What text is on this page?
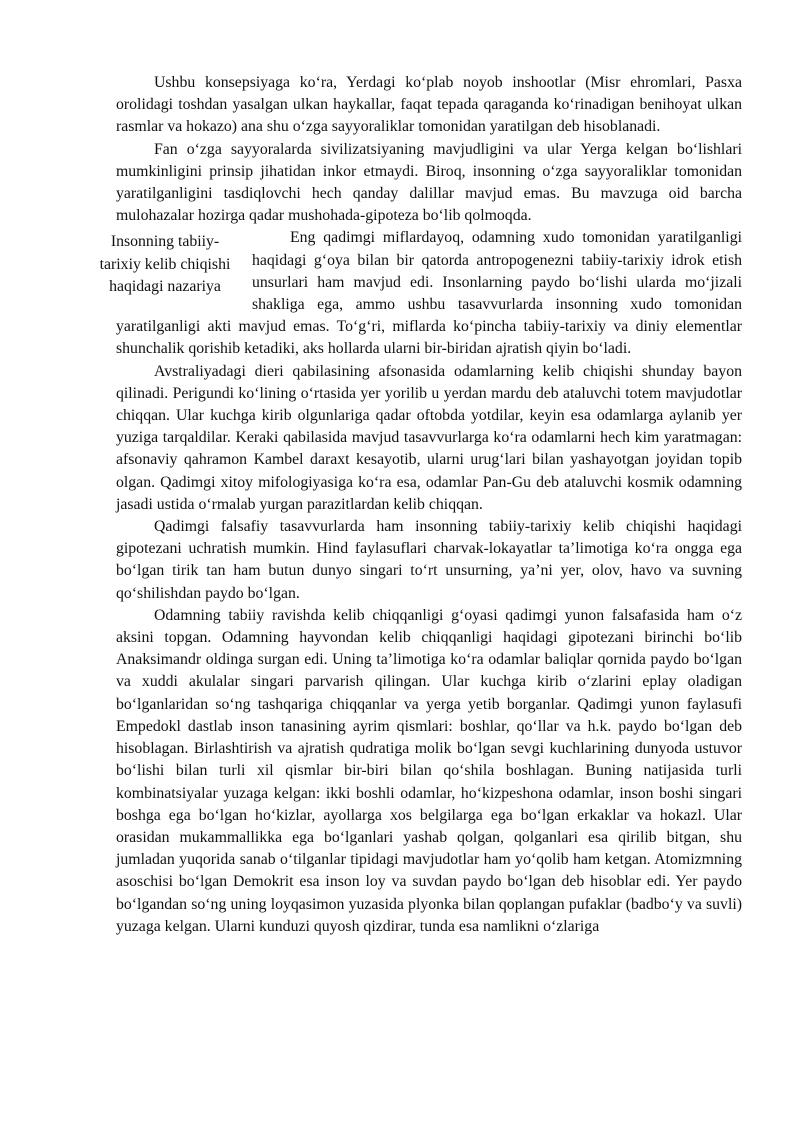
Ushbu konsepsiyaga ko‘ra, Yerdagi ko‘plab noyob inshootlar (Misr ehromlari, Pasxa orolidagi toshdan yasalgan ulkan haykallar, faqat tepada qaraganda ko‘rinadigan benihoyat ulkan rasmlar va hokazo) ana shu o‘zga sayyoraliklar tomonidan yaratilgan deb hisoblanadi.

Fan o‘zga sayyoralarda sivilizatsiyaning mavjudligini va ular Yerga kelgan bo‘lishlari mumkinligini prinsip jihatidan inkor etmaydi. Biroq, insonning o‘zga sayyoraliklar tomonidan yaratilganligini tasdiqlovchi hech qanday dalillar mavjud emas. Bu mavzuga oid barcha mulohazalar hozirga qadar mushohada-gipoteza bo‘lib qolmoqda.

Insonning tabiiy-
tarixiy kelib chiqishi
haqidagi nazariya

Eng qadimgi miflardayoq, odamning xudo tomonidan yaratilganligi haqidagi g‘oya bilan bir qatorda antropogenezni tabiiy-tarixiy idrok etish unsurlari ham mavjud edi. Insonlarning paydo bo‘lishi ularda mo‘jizali shakliga ega, ammo ushbu tasavvurlarda insonning xudo tomonidan yaratilganligi akti mavjud emas. To‘g‘ri, miflarda ko‘pincha tabiiy-tarixiy va diniy elementlar shunchalik qorishib ketadiki, aks hollarda ularni bir-biridan ajratish qiyin bo‘ladi.

Avstraliyadagi dieri qabilasining afsonasida odamlarning kelib chiqishi shunday bayon qilinadi. Perigundi ko‘lining o‘rtasida yer yorilib u yerdan mardu deb ataluvchi totem mavjudotlar chiqqan. Ular kuchga kirib olgunlariga qadar oftobda yotdilar, keyin esa odamlarga aylanib yer yuziga tarqaldilar. Keraki qabilasida mavjud tasavvurlarga ko‘ra odamlarni hech kim yaratmagan: afsonaviy qahramon Kambel daraxt kesayotib, ularni urug‘lari bilan yashayotgan joyidan topib olgan. Qadimgi xitoy mifologiyasiga ko‘ra esa, odamlar Pan-Gu deb ataluvchi kosmik odamning jasadi ustida o‘rmalab yurgan parazitlardan kelib chiqqan.

Qadimgi falsafiy tasavvurlarda ham insonning tabiiy-tarixiy kelib chiqishi haqidagi gipotezani uchratish mumkin. Hind faylasuflari charvak-lokayatlar ta’limotiga ko‘ra ongga ega bo‘lgan tirik tan ham butun dunyo singari to‘rt unsurning, ya’ni yer, olov, havo va suvning qo‘shilishdan paydo bo‘lgan.

Odamning tabiiy ravishda kelib chiqqanligi g‘oyasi qadimgi yunon falsafasida ham o‘z aksini topgan. Odamning hayvondan kelib chiqqanligi haqidagi gipotezani birinchi bo‘lib Anaksimandr oldinga surgan edi. Uning ta’limotiga ko‘ra odamlar baliqlar qornida paydo bo‘lgan va xuddi akulalar singari parvarish qilingan. Ular kuchga kirib o‘zlarini eplay oladigan bo‘lganlaridan so‘ng tashqariga chiqqanlar va yerga yetib borganlar. Qadimgi yunon faylasufi Empedokl dastlab inson tanasining ayrim qismlari: boshlar, qo‘llar va h.k. paydo bo‘lgan deb hisoblagan. Birlashtirish va ajratish qudratiga molik bo‘lgan sevgi kuchlarining dunyoda ustuvor bo‘lishi bilan turli xil qismlar bir-biri bilan qo‘shila boshlagan. Buning natijasida turli kombinatsiyalar yuzaga kelgan: ikki boshli odamlar, ho‘kizpeshona odamlar, inson boshi singari boshga ega bo‘lgan ho‘kizlar, ayollarga xos belgilarga ega bo‘lgan erkaklar va hokazl. Ular orasidan mukammallikka ega bo‘lganlari yashab qolgan, qolganlari esa qirilib bitgan, shu jumladan yuqorida sanab o‘tilganlar tipidagi mavjudotlar ham yo‘qolib ham ketgan. Atomizmning asoschisi bo‘lgan Demokrit esa inson loy va suvdan paydo bo‘lgan deb hisoblar edi. Yer paydo bo‘lgandan so‘ng uning loyqasimon yuzasida plyonka bilan qoplangan pufaklar (badbo‘y va suvli) yuzaga kelgan. Ularni kunduzi quyosh qizdirar, tunda esa namlikni o‘zlariga
